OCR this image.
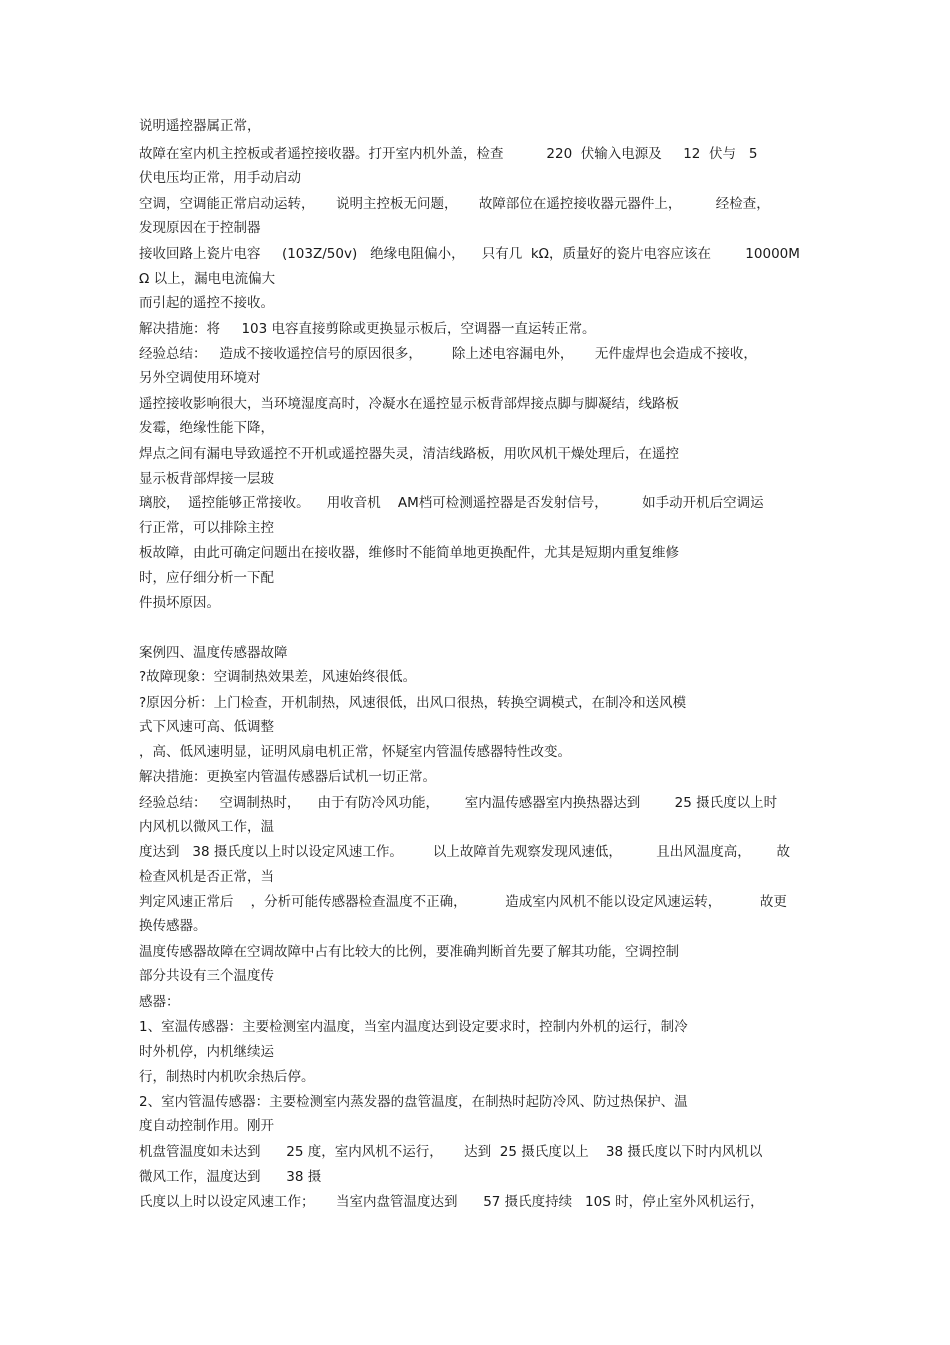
说明遥控器属正常，
故障在室内机主控板或者遥控接收器。打开室内机外盖，检查          220  伏输入电源及     12  伏与   5
伏电压均正常，用手动启动
空调，空调能正常启动运转，     说明主控板无问题，     故障部位在遥控接收器元器件上，        经检查，
发现原因在于控制器
接收回路上瓷片电容     (103Z/50v)   绝缘电阻偏小，    只有几  kΩ，质量好的瓷片电容应该在        10000M
Ω 以上，漏电电流偏大
而引起的遥控不接收。
解决措施：将     103 电容直接剪除或更换显示板后，空调器一直运转正常。
经验总结：   造成不接收遥控信号的原因很多，       除上述电容漏电外，     无件虚焊也会造成不接收，
另外空调使用环境对
遥控接收影响很大，当环境湿度高时，冷凝水在遥控显示板背部焊接点脚与脚凝结，线路板
发霉，绝缘性能下降，
焊点之间有漏电导致遥控不开机或遥控器失灵，清洁线路板，用吹风机干燥处理后，在遥控
显示板背部焊接一层玻
璃胶，  遥控能够正常接收。    用收音机    AM档可检测遥控器是否发射信号，        如手动开机后空调运
行正常，可以排除主控
板故障，由此可确定问题出在接收器，维修时不能简单地更换配件，尤其是短期内重复维修
时，应仔细分析一下配
件损坏原因。
案例四、温度传感器故障
?故障现象：空调制热效果差，风速始终很低。
?原因分析：上门检查，开机制热，风速很低，出风口很热，转换空调模式，在制冷和送风模
式下风速可高、低调整
，高、低风速明显，证明风扇电机正常，怀疑室内管温传感器特性改变。
解决措施：更换室内管温传感器后试机一切正常。
经验总结：   空调制热时，    由于有防冷风功能，      室内温传感器室内换热器达到        25 摄氏度以上时
内风机以微风工作，温
度达到   38 摄氏度以上时以设定风速工作。       以上故障首先观察发现风速低，        且出风温度高，      故
检查风机是否正常，当
判定风速正常后    ，分析可能传感器检查温度不正确，         造成室内风机不能以设定风速运转，         故更
换传感器。
温度传感器故障在空调故障中占有比较大的比例，要准确判断首先要了解其功能，空调控制
部分共设有三个温度传
感器：
1、室温传感器：主要检测室内温度，当室内温度达到设定要求时，控制内外机的运行，制冷
时外机停，内机继续运
行，制热时内机吹余热后停。
2、室内管温传感器：主要检测室内蒸发器的盘管温度，在制热时起防冷风、防过热保护、温
度自动控制作用。刚开
机盘管温度如未达到      25 度，室内风机不运行，     达到  25 摄氏度以上    38 摄氏度以下时内风机以
微风工作，温度达到      38 摄
氏度以上时以设定风速工作；     当室内盘管温度达到      57 摄氏度持续   10S 时，停止室外风机运行，
